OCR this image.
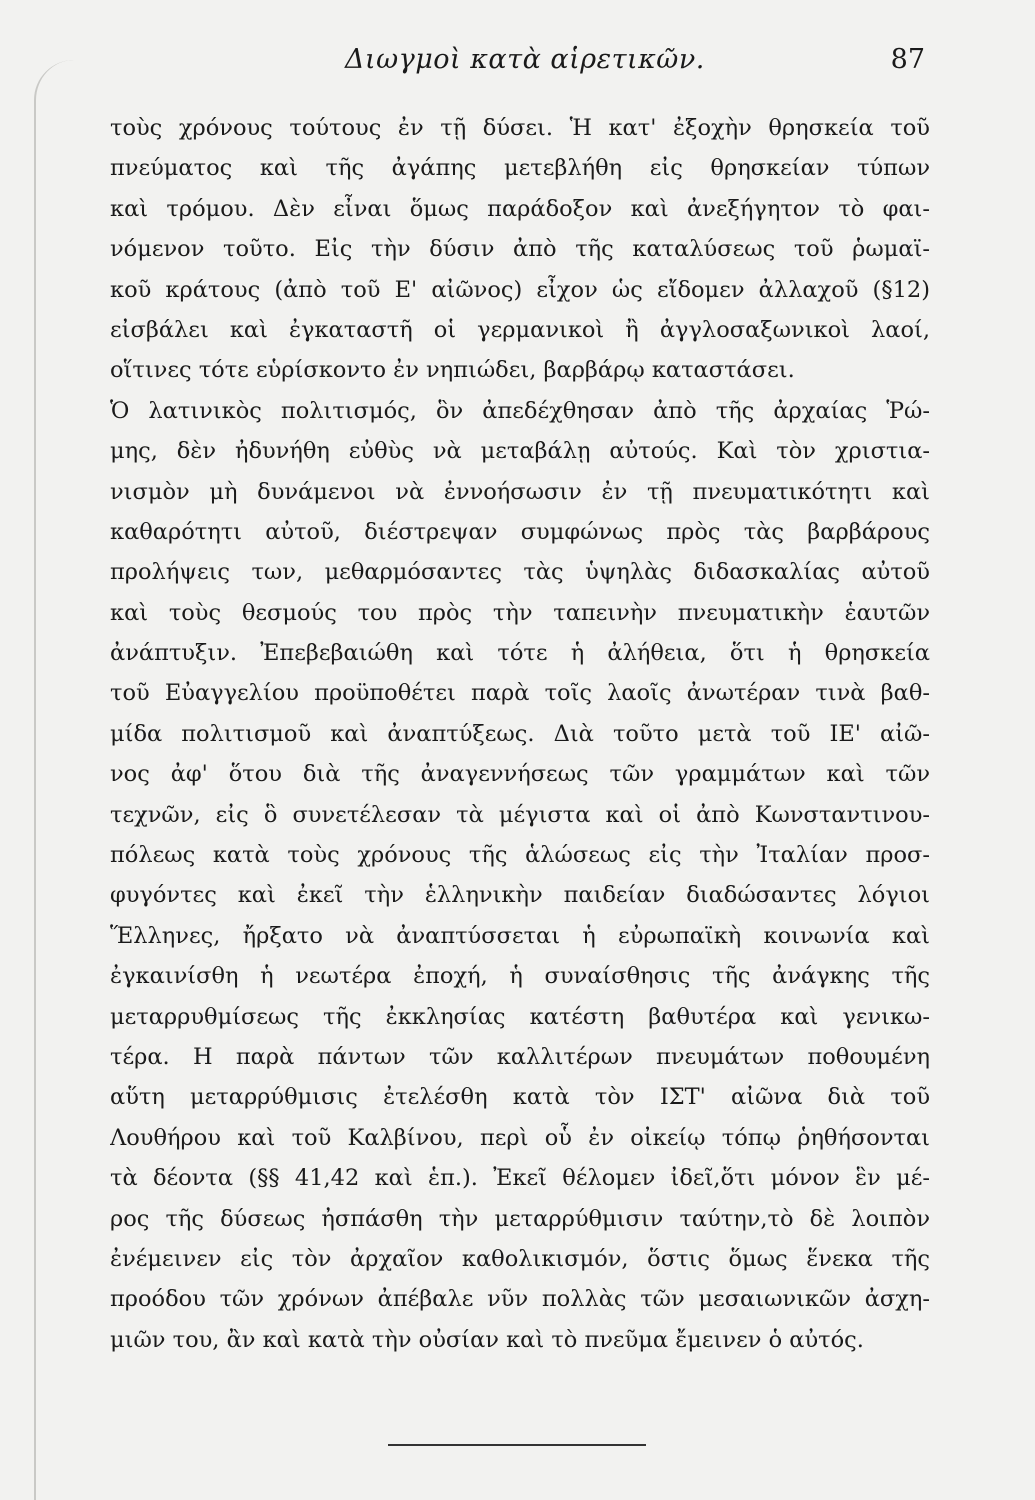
Διωγμοὶ κατὰ αἱρετικῶν.	87
τοὺς χρόνους τούτους ἐν τῇ δύσει. Ἡ κατ' ἐξοχὴν θρησκεία τοῦ
πνεύματος καὶ τῆς ἀγάπης μετεβλήθη εἰς θρησκείαν τύπων
καὶ τρόμου. Δὲν εἶναι ὅμως παράδοξον καὶ ἀνεξήγητον τὸ φαι-
νόμενον τοῦτο. Εἰς τὴν δύσιν ἀπὸ τῆς καταλύσεως τοῦ ῥωμαϊ-
κοῦ κράτους (ἀπὸ τοῦ Ε' αἰῶνος) εἶχον ὡς εἴδομεν ἀλλαχοῦ (§12)
εἰσβάλει καὶ ἐγκαταστῆ οἱ γερμανικοὶ ἢ ἀγγλοσαξωνικοὶ λαοί,
οἵτινες τότε εὑρίσκοντο ἐν νηπιώδει, βαρβάρῳ καταστάσει.
Ὁ λατινικὸς πολιτισμός, ὃν ἀπεδέχθησαν ἀπὸ τῆς ἀρχαίας Ῥώ-
μης, δὲν ἠδυνήθη εὐθὺς νὰ μεταβάλῃ αὐτούς. Καὶ τὸν χριστια-
νισμὸν μὴ δυνάμενοι νὰ ἐννοήσωσιν ἐν τῇ πνευματικότητι καὶ
καθαρότητι αὐτοῦ, διέστρεψαν συμφώνως πρὸς τὰς βαρβάρους
προλήψεις των, μεθαρμόσαντες τὰς ὑψηλὰς διδασκαλίας αὐτοῦ
καὶ τοὺς θεσμούς του πρὸς τὴν ταπεινὴν πνευματικὴν ἑαυτῶν
ἀνάπτυξιν. Ἐπεβεβαιώθη καὶ τότε ἡ ἀλήθεια, ὅτι ἡ θρησκεία
τοῦ Εὐαγγελίου προϋποθέτει παρὰ τοῖς λαοῖς ἀνωτέραν τινὰ βαθ-
μίδα πολιτισμοῦ καὶ ἀναπτύξεως. Διὰ τοῦτο μετὰ τοῦ ΙΕ' αἰῶ-
νος ἀφ' ὅτου διὰ τῆς ἀναγεννήσεως τῶν γραμμάτων καὶ τῶν
τεχνῶν, εἰς ὃ συνετέλεσαν τὰ μέγιστα καὶ οἱ ἀπὸ Κωνσταντινου-
πόλεως κατὰ τοὺς χρόνους τῆς ἁλώσεως εἰς τὴν Ἰταλίαν προσ-
φυγόντες καὶ ἐκεῖ τὴν ἑλληνικὴν παιδείαν διαδώσαντες λόγιοι
Ἕλληνες, ἤρξατο νὰ ἀναπτύσσεται ἡ εὐρωπαϊκὴ κοινωνία καὶ
ἐγκαινίσθη ἡ νεωτέρα ἐποχή, ἡ συναίσθησις τῆς ἀνάγκης τῆς
μεταρρυθμίσεως τῆς ἐκκλησίας κατέστη βαθυτέρα καὶ γενικω-
τέρα. Η παρὰ πάντων τῶν καλλιτέρων πνευμάτων ποθουμένη
αὕτη μεταρρύθμισις ἐτελέσθη κατὰ τὸν ΙΣΤ' αἰῶνα διὰ τοῦ
Λουθήρου καὶ τοῦ Καλβίνου, περὶ οὗ ἐν οἰκείῳ τόπῳ ῥηθήσονται
τὰ δέοντα (§§ 41,42 καὶ ἑπ.). Ἐκεῖ θέλομεν ἰδεῖ,ὅτι μόνον ἓν μέ-
ρος τῆς δύσεως ἠσπάσθη τὴν μεταρρύθμισιν ταύτην,τὸ δὲ λοιπὸν
ἐνέμεινεν εἰς τὸν ἀρχαῖον καθολικισμόν, ὅστις ὅμως ἕνεκα τῆς
προόδου τῶν χρόνων ἀπέβαλε νῦν πολλὰς τῶν μεσαιωνικῶν ἀσχη-
μιῶν του, ἂν καὶ κατὰ τὴν οὐσίαν καὶ τὸ πνεῦμα ἔμεινεν ὁ αὐτός.
